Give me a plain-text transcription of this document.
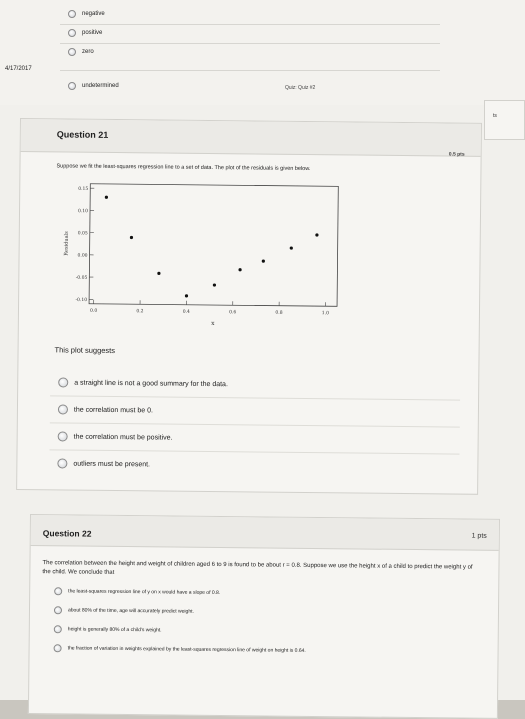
negative
positive
zero
4/17/2017
undetermined	Quiz: Quiz #2
ts
Question 21
0.5 pts
Suppose we fit the least-squares regression line to a set of data. The plot of the residuals is given below.
0.15
0.10
0.05
0.00
-0.05
-0.10
0.0	0.2	0.4	0.6	0.8	1.0
Residuals
x
This plot suggests
a straight line is not a good summary for the data.
the correlation must be 0.
the correlation must be positive.
outliers must be present.
Question 22	1 pts
The correlation between the height and weight of children aged 6 to 9 is found to be about r = 0.8. Suppose we use the height x of a child to predict the weight y of the child. We conclude that
the least-squares regression line of y on x would have a slope of 0.8.
about 80% of the time, age will accurately predict weight.
height is generally 80% of a child's weight.
the fraction of variation in weights explained by the least-squares regression line of weight on height is 0.64.
